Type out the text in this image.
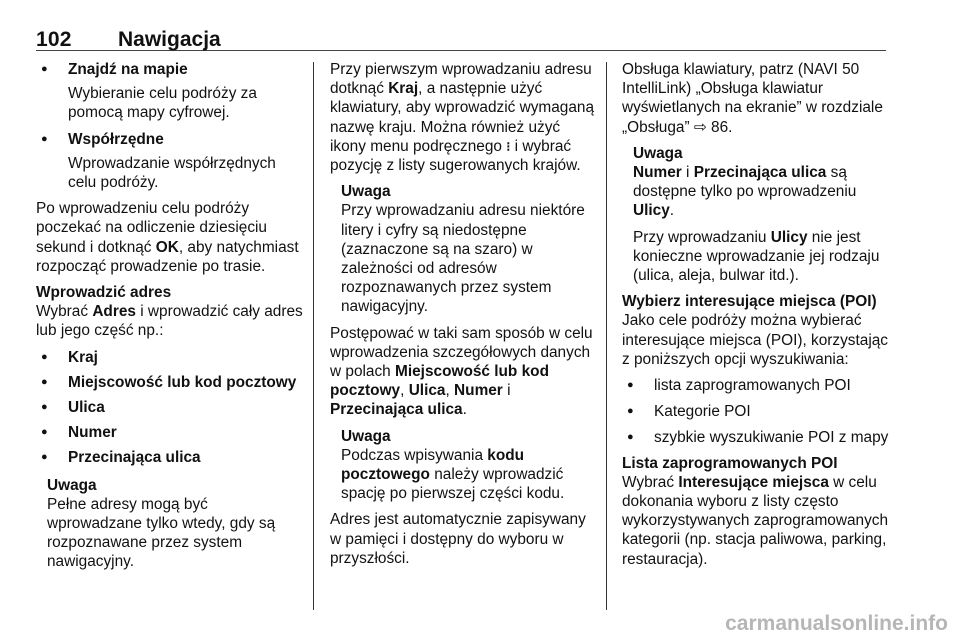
102 Nawigacja
● Znajdź na mapie

Wybieranie celu podróży za pomocą mapy cyfrowej.

● Współrzędne

Wprowadzanie współrzędnych celu podróży.

Po wprowadzeniu celu podróży poczekać na odliczenie dziesięciu sekund i dotknąć OK, aby natychmiast rozpocząć prowadzenie po trasie.

Wprowadzić adres

Wybrać Adres i wprowadzić cały adres lub jego część np.:

● Kraj
● Miejscowość lub kod pocztowy
● Ulica
● Numer
● Przecinająca ulica

Uwaga

Pełne adresy mogą być wprowadzane tylko wtedy, gdy są rozpoznawane przez system nawigacyjny.

Przy pierwszym wprowadzaniu adresu dotknąć Kraj, a następnie użyć klawiatury, aby wprowadzić wymaganą nazwę kraju. Można również użyć ikony menu podręcznego ⁝ i wybrać pozycję z listy sugerowanych krajów.

Uwaga

Przy wprowadzaniu adresu niektóre litery i cyfry są niedostępne (zaznaczone są na szaro) w zależności od adresów rozpoznawanych przez system nawigacyjny.

Postępować w taki sam sposób w celu wprowadzenia szczegółowych danych w polach Miejscowość lub kod pocztowy, Ulica, Numer i Przecinająca ulica.

Uwaga

Podczas wpisywania kodu pocztowego należy wprowadzić spację po pierwszej części kodu.

Adres jest automatycznie zapisywany w pamięci i dostępny do wyboru w przyszłości.

Obsługa klawiatury, patrz (NAVI 50 IntelliLink) „Obsługa klawiatur wyświetlanych na ekranie” w rozdziale „Obsługa” ⇨ 86.

Uwaga

Numer i Przecinająca ulica są dostępne tylko po wprowadzeniu Ulicy.

Przy wprowadzaniu Ulicy nie jest konieczne wprowadzanie jej rodzaju (ulica, aleja, bulwar itd.).

Wybierz interesujące miejsca (POI)

Jako cele podróży można wybierać interesujące miejsca (POI), korzystając z poniższych opcji wyszukiwania:

● lista zaprogramowanych POI
● Kategorie POI
● szybkie wyszukiwanie POI z mapy

Lista zaprogramowanych POI

Wybrać Interesujące miejsca w celu dokonania wyboru z listy często wykorzystywanych zaprogramowanych kategorii (np. stacja paliwowa, parking, restauracja).

carmanualsonline.info
